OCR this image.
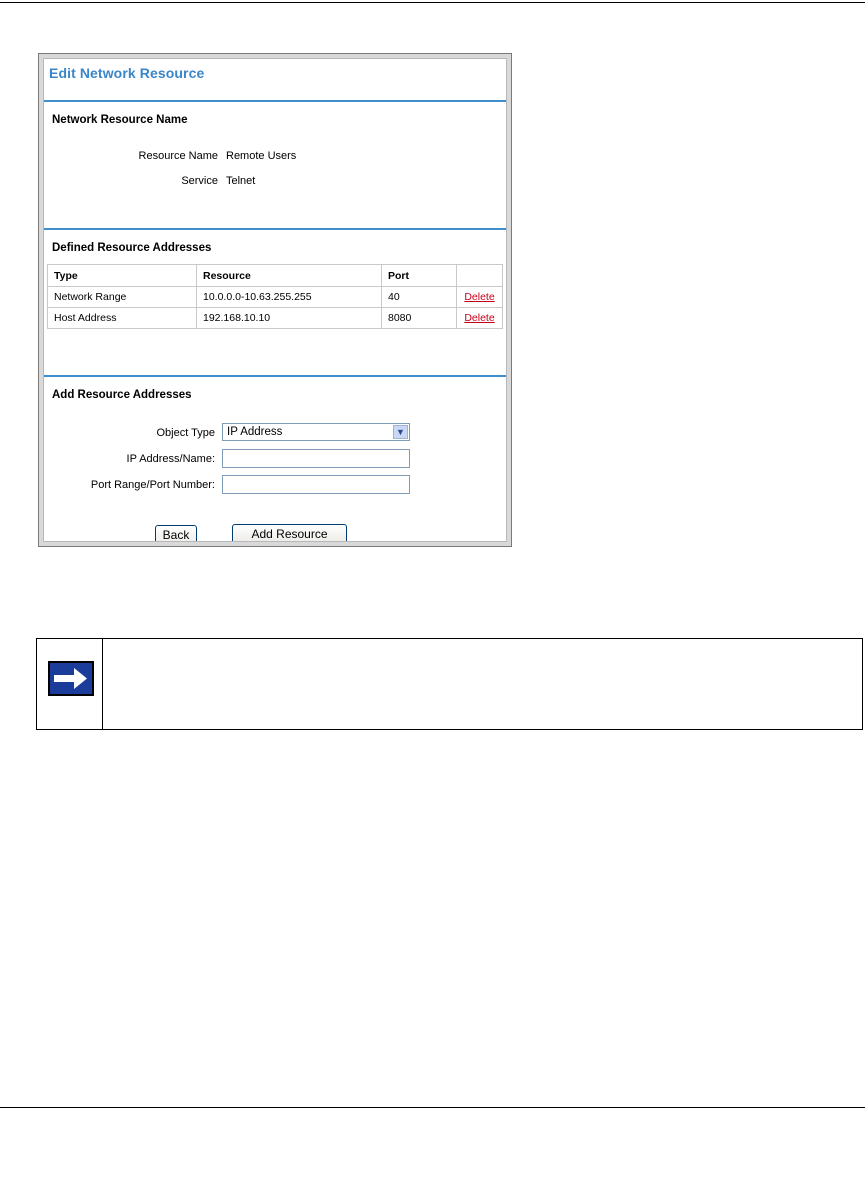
Edit Network Resource
Network Resource Name
Resource Name Remote Users
Service Telnet
Defined Resource Addresses
Type	Resource	Port	
Network Range	10.0.0.0-10.63.255.255	40	Delete
Host Address	192.168.10.10	8080	Delete
Add Resource Addresses
Object Type IP Address	▼
IP Address/Name:
Port Range/Port Number:
Back	Add Resource
